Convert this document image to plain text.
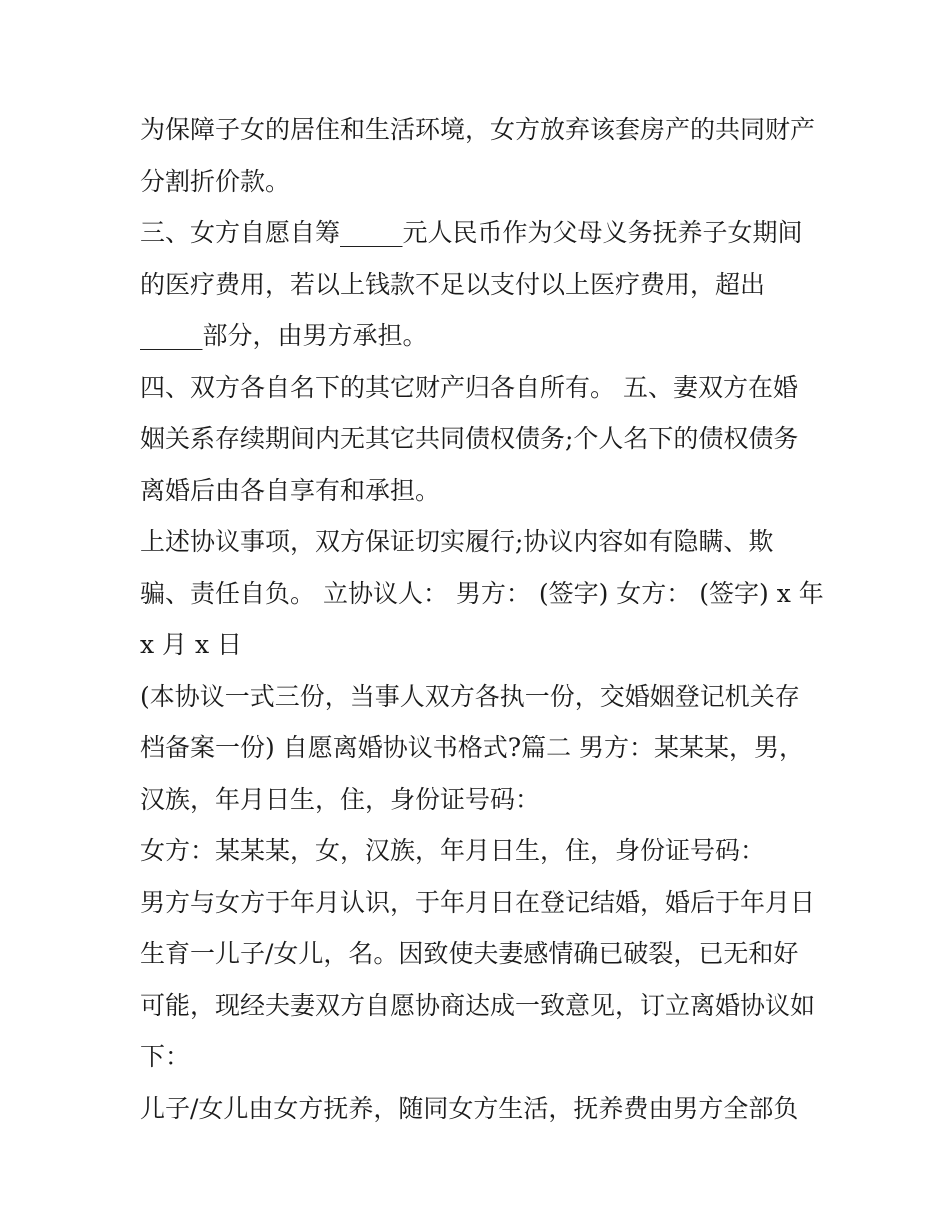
为保障子女的居住和生活环境，女方放弃该套房产的共同财产

分割折价款。

三、女方自愿自筹_____元人民币作为父母义务抚养子女期间

的医疗费用，若以上钱款不足以支付以上医疗费用，超出

_____部分，由男方承担。

四、双方各自名下的其它财产归各自所有。 五、妻双方在婚

姻关系存续期间内无其它共同债权债务;个人名下的债权债务

离婚后由各自享有和承担。

上述协议事项，双方保证切实履行;协议内容如有隐瞒、欺

骗、责任自负。 立协议人： 男方： (签字) 女方： (签字) x 年

x 月 x 日

(本协议一式三份，当事人双方各执一份，交婚姻登记机关存

档备案一份) 自愿离婚协议书格式?篇二 男方：某某某，男，

汉族，年月日生，住，身份证号码：

女方：某某某，女，汉族，年月日生，住，身份证号码：

男方与女方于年月认识，于年月日在登记结婚，婚后于年月日

生育一儿子/女儿，名。因致使夫妻感情确已破裂，已无和好

可能，现经夫妻双方自愿协商达成一致意见，订立离婚协议如

下：

儿子/女儿由女方抚养，随同女方生活，抚养费由男方全部负
